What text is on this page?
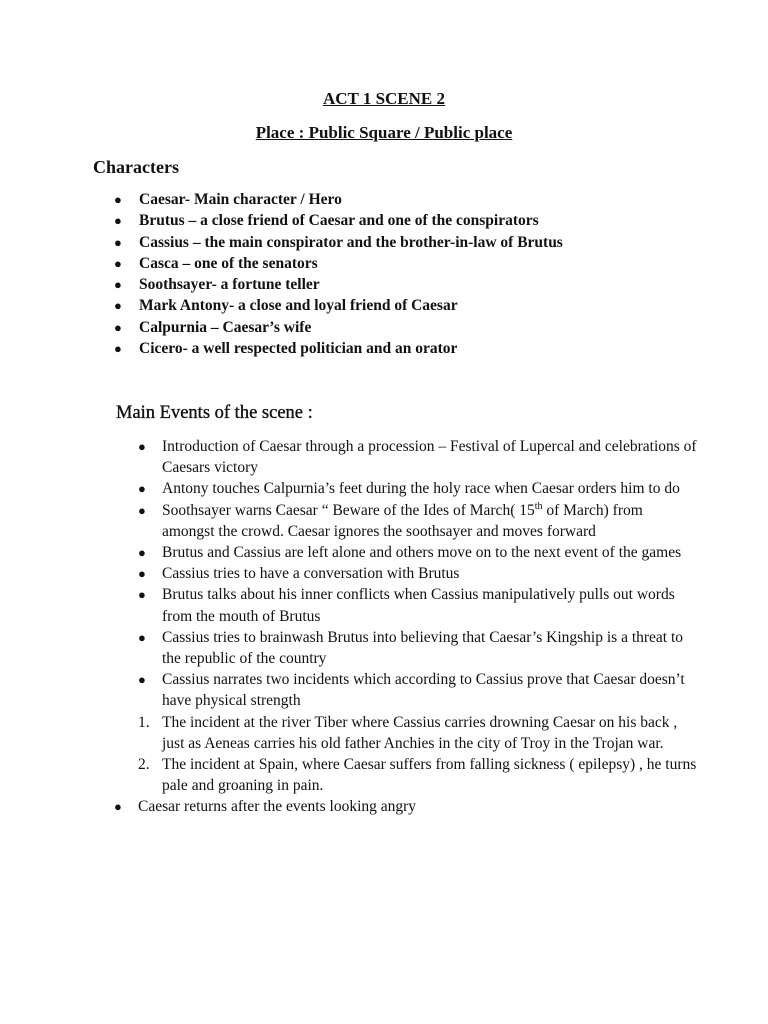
ACT 1 SCENE 2
Place : Public Square / Public place
Characters
● Caesar- Main character / Hero
● Brutus – a close friend of Caesar and one of the conspirators
● Cassius – the main conspirator and the brother-in-law of Brutus
● Casca – one of the senators
● Soothsayer- a fortune teller
● Mark Antony- a close and loyal friend of Caesar
● Calpurnia – Caesar’s wife
● Cicero- a well respected politician and an orator
Main Events of the scene :
● Introduction of Caesar through a procession – Festival of Lupercal and celebrations of Caesars victory
● Antony touches Calpurnia’s feet during the holy race when Caesar orders him to do
● Soothsayer warns Caesar “ Beware of the Ides of March( 15th of March) from amongst the crowd. Caesar ignores the soothsayer and moves forward
● Brutus and Cassius are left alone and others move on to the next event of the games
● Cassius tries to have a conversation with Brutus
● Brutus talks about his inner conflicts when Cassius manipulatively pulls out words from the mouth of Brutus
● Cassius tries to brainwash Brutus into believing that Caesar’s Kingship is a threat to the republic of the country
● Cassius narrates two incidents which according to Cassius prove that Caesar doesn’t have physical strength
1. The incident at the river Tiber where Cassius carries drowning Caesar on his back , just as Aeneas carries his old father Anchies in the city of Troy in the Trojan war.
2. The incident at Spain, where Caesar suffers from falling sickness ( epilepsy) , he turns pale and groaning in pain.
● Caesar returns after the events looking angry
